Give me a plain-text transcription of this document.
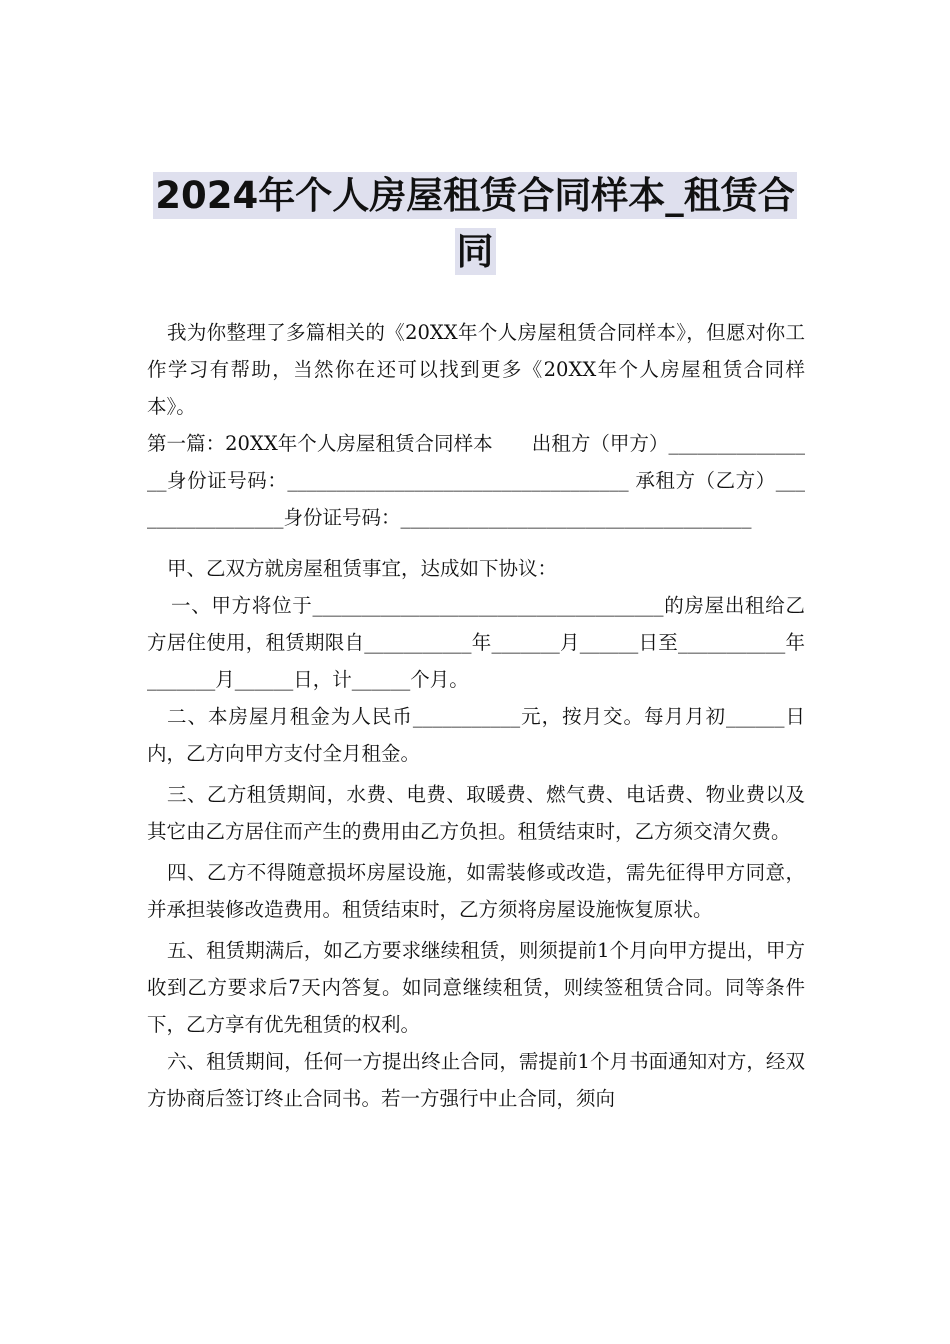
2024年个人房屋租赁合同样本_租赁合
同

我为你整理了多篇相关的《20XX年个人房屋租赁合同样本》，但愿对你工作学习有帮助，当然你在还可以找到更多《20XX年个人房屋租赁合同样本》。

第一篇：20XX年个人房屋租赁合同样本　　出租方（甲方）________________身份证号码：___________________________________ 承租方（乙方）_________________身份证号码：____________________________________

甲、乙双方就房屋租赁事宜，达成如下协议：

一、甲方将位于____________________________________的房屋出租给乙方居住使用，租赁期限自___________年_______月______日至___________年_______月______日，计______个月。

二、本房屋月租金为人民币___________元，按月交。每月月初______日内，乙方向甲方支付全月租金。

三、乙方租赁期间，水费、电费、取暖费、燃气费、电话费、物业费以及其它由乙方居住而产生的费用由乙方负担。租赁结束时，乙方须交清欠费。

四、乙方不得随意损坏房屋设施，如需装修或改造，需先征得甲方同意，并承担装修改造费用。租赁结束时，乙方须将房屋设施恢复原状。

五、租赁期满后，如乙方要求继续租赁，则须提前1个月向甲方提出，甲方收到乙方要求后7天内答复。如同意继续租赁，则续签租赁合同。同等条件下，乙方享有优先租赁的权利。

六、租赁期间，任何一方提出终止合同，需提前1个月书面通知对方，经双方协商后签订终止合同书。若一方强行中止合同，须向
